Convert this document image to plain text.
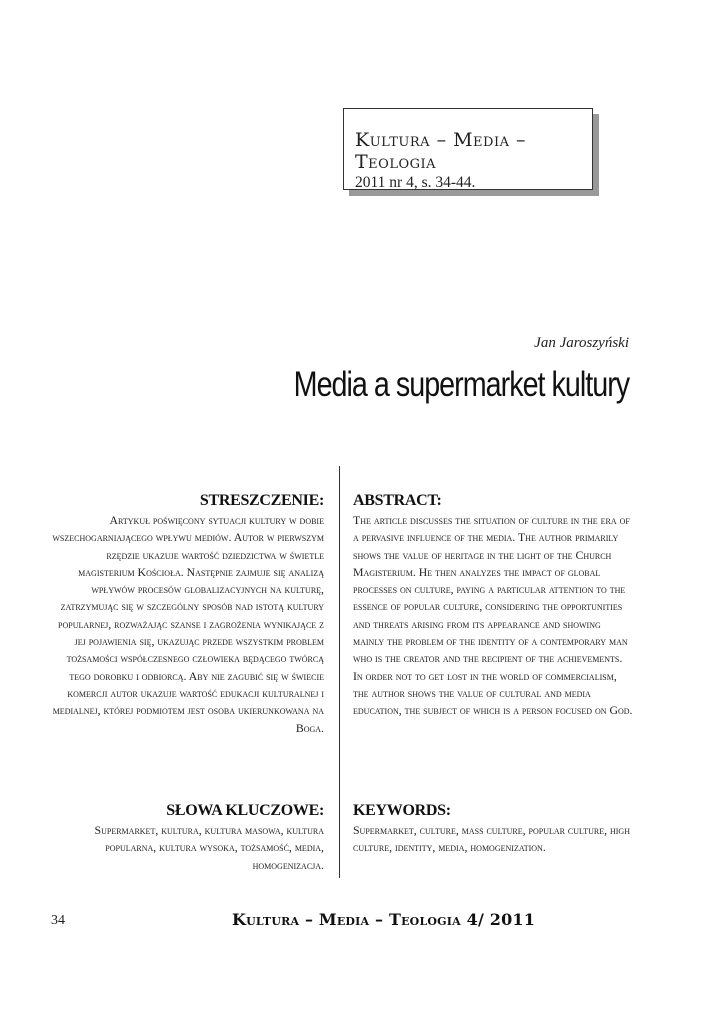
Kultura – Media – Teologia
2011 nr 4, s. 34-44.
Jan Jaroszyński
Media a supermarket kultury
STRESZCZENIE:

Artykuł poświęcony sytuacji kultury w dobie wszechogarniającego wpływu mediów. Autor w pierwszym rzędzie ukazuje wartość dziedzictwa w świetle magisterium Kościoła. Następnie zajmuje się analizą wpływów procesów globalizacyjnych na kulturę, zatrzymując się w szczególny sposób nad istotą kultury popularnej, rozważając szanse i zagrożenia wynikające z jej pojawienia się, ukazując przede wszystkim problem tożsamości współczesnego człowieka będącego twórcą tego dorobku i odbiorcą. Aby nie zagubić się w świecie komercji autor ukazuje wartość edukacji kulturalnej i medialnej, której podmiotem jest osoba ukierunkowana na Boga.

ABSTRACT:

The article discusses the situation of culture in the era of a pervasive influence of the media. The author primarily shows the value of heritage in the light of the Church Magisterium. He then analyzes the impact of global processes on culture, paying a particular attention to the essence of popular culture, considering the opportunities and threats arising from its appearance and showing mainly the problem of the identity of a contemporary man who is the creator and the recipient of the achievements. In order not to get lost in the world of commercialism, the author shows the value of cultural and media education, the subject of which is a person focused on God.

SŁOWA KLUCZOWE:

Supermarket, kultura, kultura masowa, kultura popularna, kultura wysoka, tożsamość, media, homogenizacja.

KEYWORDS:

Supermarket, culture, mass culture, popular culture, high culture, identity, media, homogenization.

34	Kultura – Media – Teologia 4/ 2011
